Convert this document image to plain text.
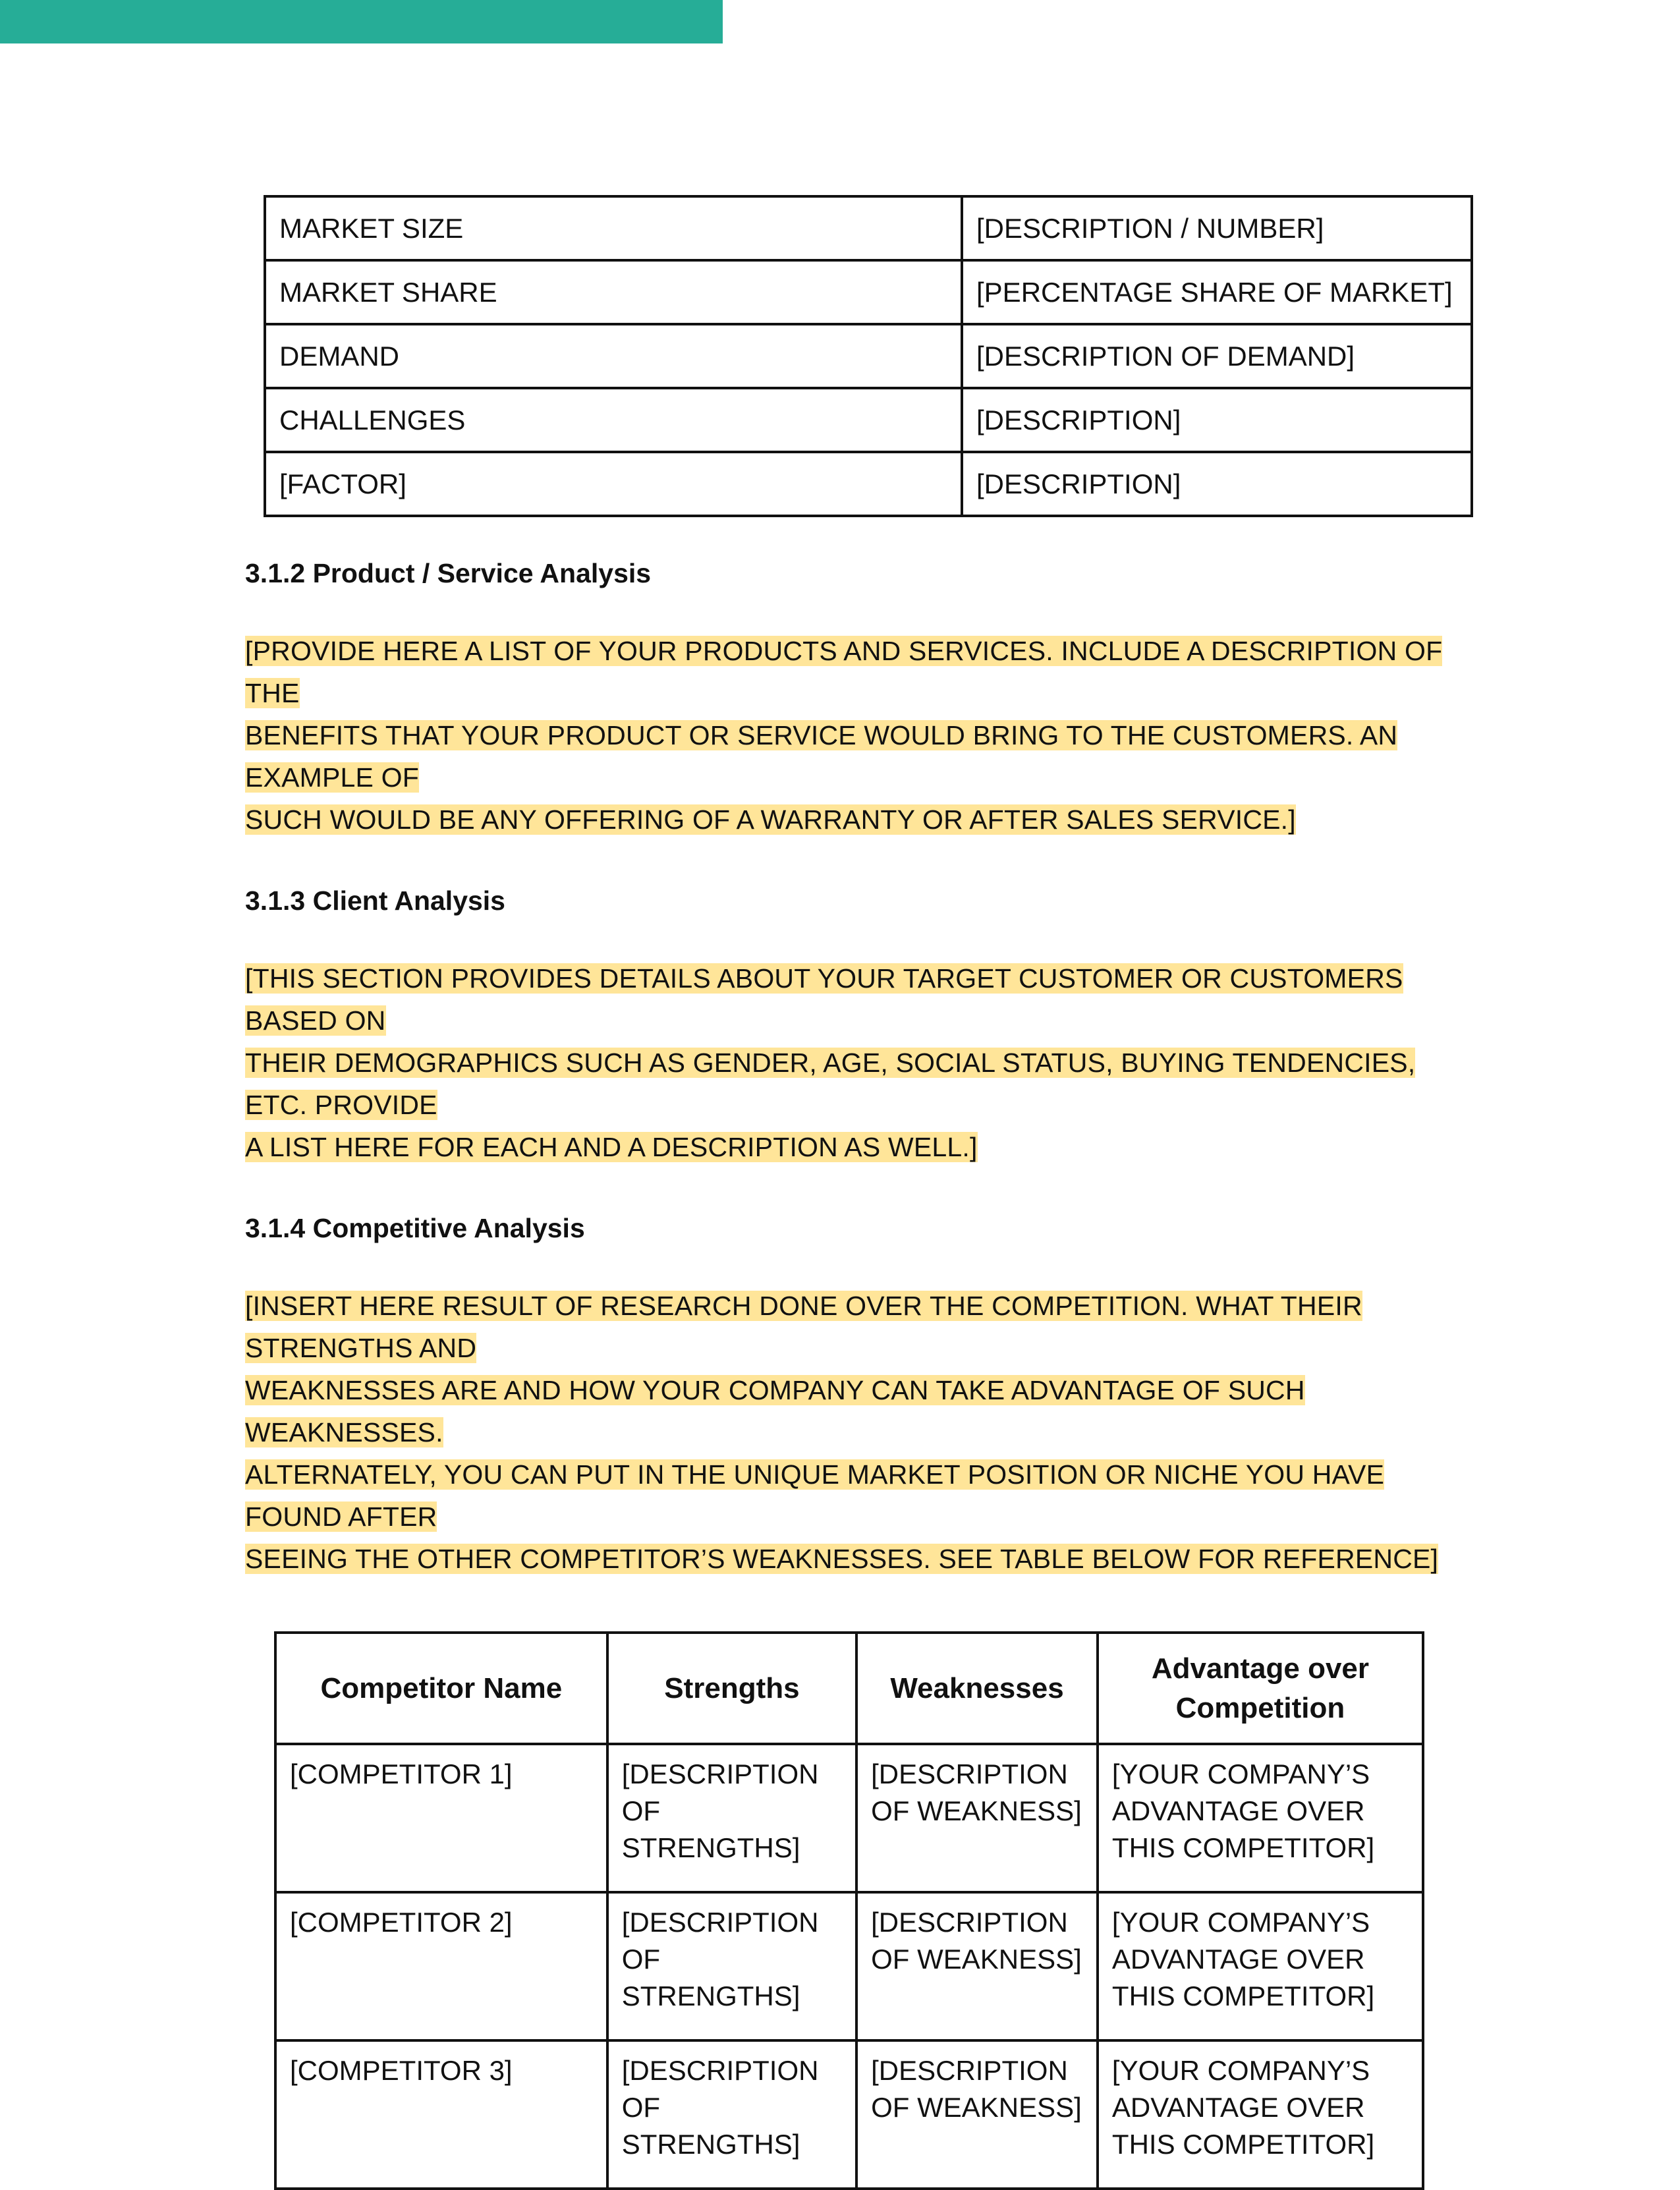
MARKET SIZE	[DESCRIPTION / NUMBER]
MARKET SHARE	[PERCENTAGE SHARE OF MARKET]
DEMAND	[DESCRIPTION OF DEMAND]
CHALLENGES	[DESCRIPTION]
[FACTOR]	[DESCRIPTION]
3.1.2 Product / Service Analysis

[PROVIDE HERE A LIST OF YOUR PRODUCTS AND SERVICES. INCLUDE A DESCRIPTION OF THE
BENEFITS THAT YOUR PRODUCT OR SERVICE WOULD BRING TO THE CUSTOMERS. AN EXAMPLE OF
SUCH WOULD BE ANY OFFERING OF A WARRANTY OR AFTER SALES SERVICE.]

3.1.3 Client Analysis

[THIS SECTION PROVIDES DETAILS ABOUT YOUR TARGET CUSTOMER OR CUSTOMERS BASED ON
THEIR DEMOGRAPHICS SUCH AS GENDER, AGE, SOCIAL STATUS, BUYING TENDENCIES, ETC. PROVIDE
A LIST HERE FOR EACH AND A DESCRIPTION AS WELL.]

3.1.4 Competitive Analysis

[INSERT HERE RESULT OF RESEARCH DONE OVER THE COMPETITION. WHAT THEIR STRENGTHS AND
WEAKNESSES ARE AND HOW YOUR COMPANY CAN TAKE ADVANTAGE OF SUCH WEAKNESSES.
ALTERNATELY, YOU CAN PUT IN THE UNIQUE MARKET POSITION OR NICHE YOU HAVE FOUND AFTER
SEEING THE OTHER COMPETITOR’S WEAKNESSES. SEE TABLE BELOW FOR REFERENCE]

Competitor Name	Strengths	Weaknesses	Advantage over Competition
[COMPETITOR 1]	[DESCRIPTION OF STRENGTHS]	[DESCRIPTION OF WEAKNESS]	[YOUR COMPANY’S ADVANTAGE OVER THIS COMPETITOR]
[COMPETITOR 2]	[DESCRIPTION OF STRENGTHS]	[DESCRIPTION OF WEAKNESS]	[YOUR COMPANY’S ADVANTAGE OVER THIS COMPETITOR]
[COMPETITOR 3]	[DESCRIPTION OF STRENGTHS]	[DESCRIPTION OF WEAKNESS]	[YOUR COMPANY’S ADVANTAGE OVER THIS COMPETITOR]
